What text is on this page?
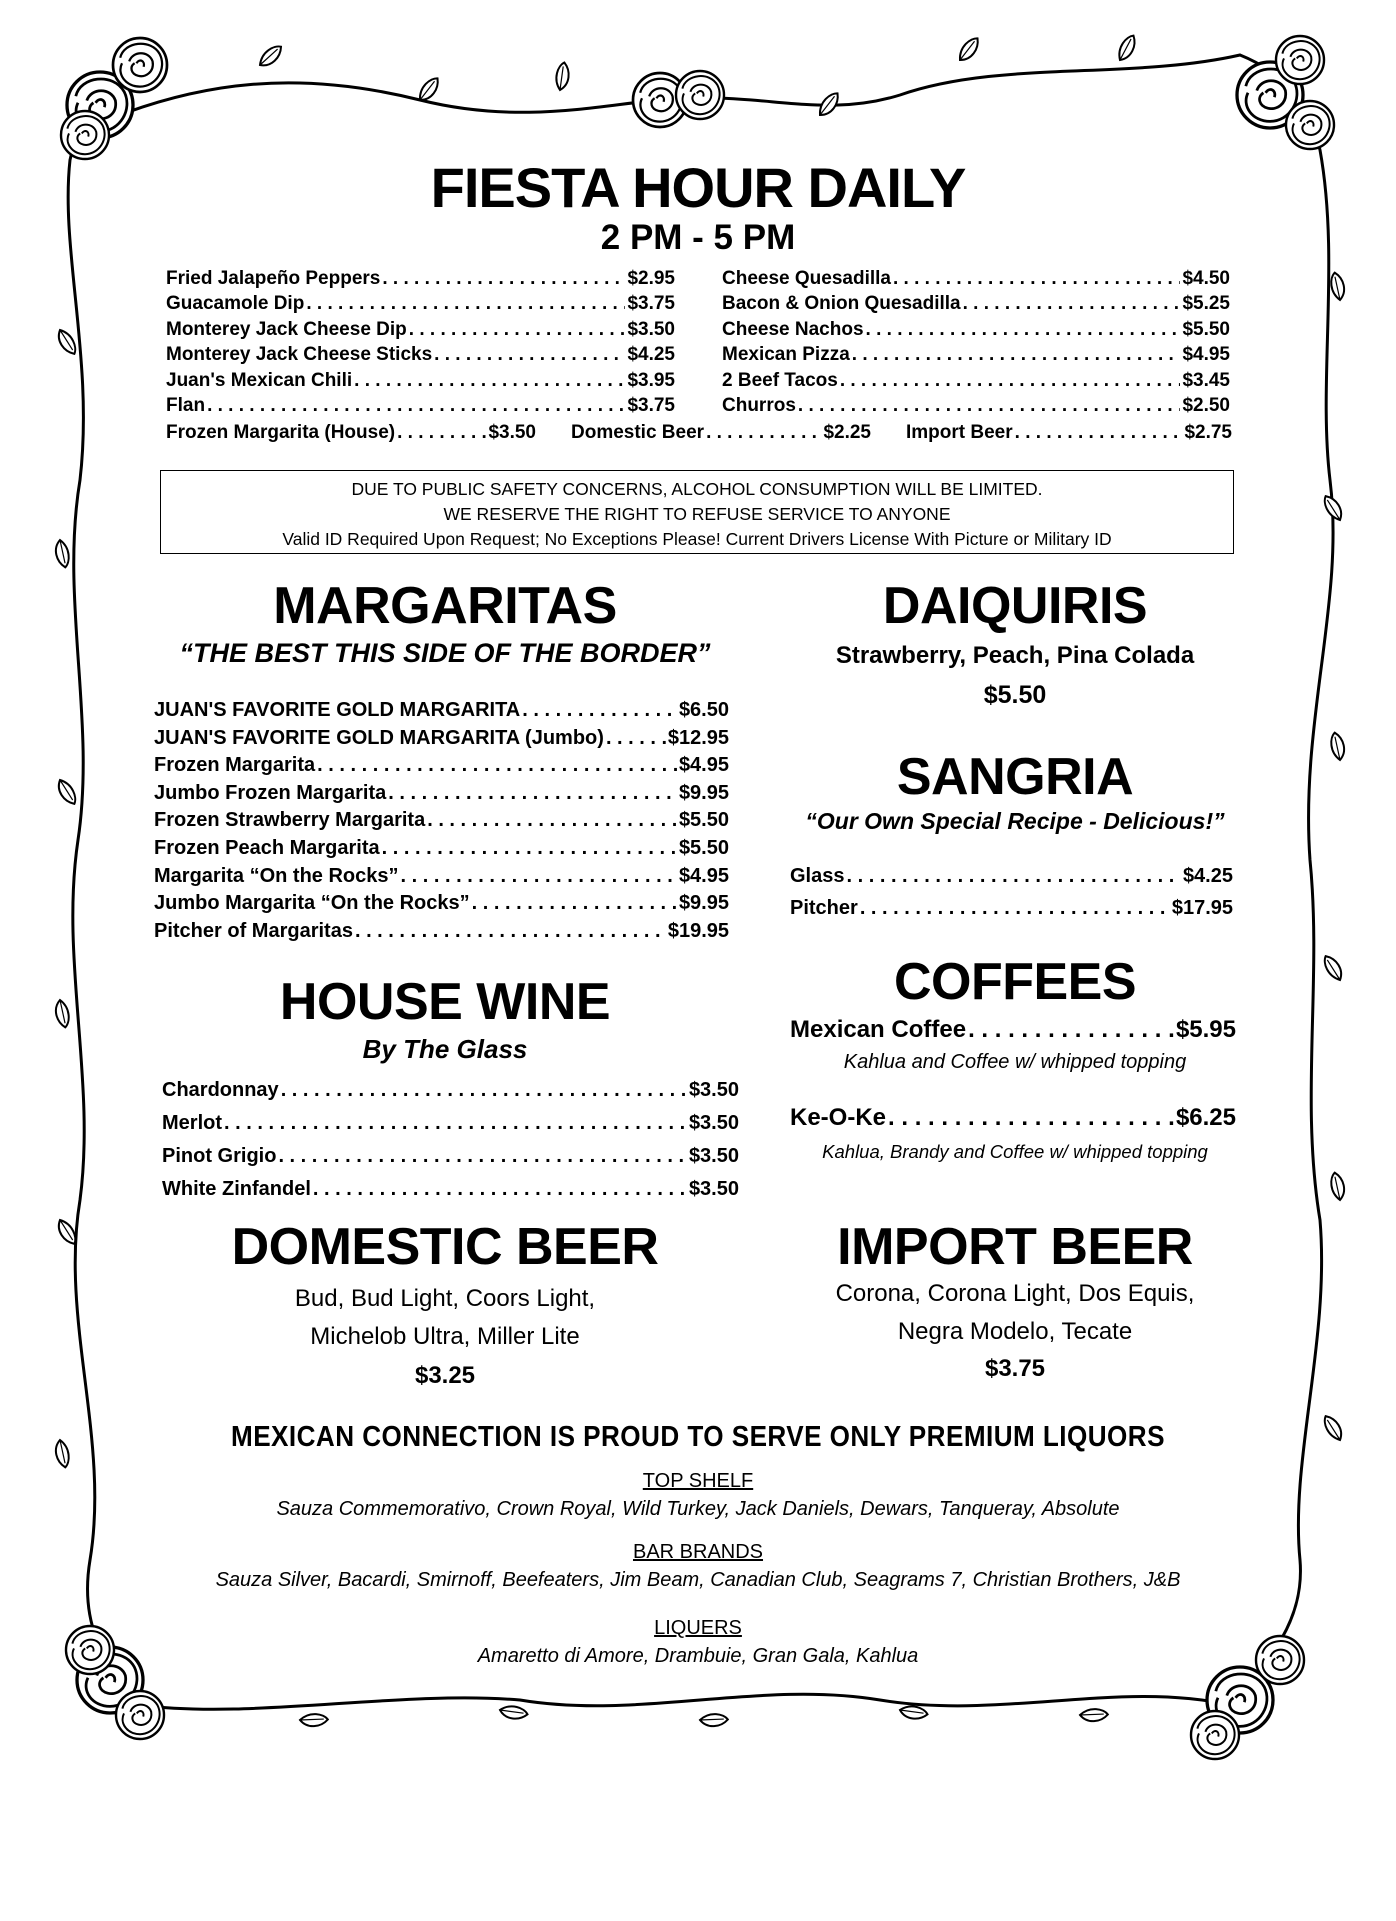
FIESTA HOUR DAILY
2 PM - 5 PM
Fried Jalapeño Peppers . . .	$2.95
Guacamole Dip . . .	$3.75
Monterey Jack Cheese Dip . . .	$3.50
Monterey Jack Cheese Sticks . . .	$4.25
Juan's Mexican Chili . . .	$3.95
Flan . . .	$3.75
Cheese Quesadilla . . .	$4.50
Bacon & Onion Quesadilla . . .	$5.25
Cheese Nachos . . .	$5.50
Mexican Pizza . . .	$4.95
2 Beef Tacos . . .	$3.45
Churros . . .	$2.50
Frozen Margarita (House) . . .	$3.50 Domestic Beer . . .	$2.25 Import Beer . . .	$2.75
DUE TO PUBLIC SAFETY CONCERNS, ALCOHOL CONSUMPTION WILL BE LIMITED.
WE RESERVE THE RIGHT TO REFUSE SERVICE TO ANYONE
Valid ID Required Upon Request; No Exceptions Please! Current Drivers License With Picture or Military ID
MARGARITAS
“THE BEST THIS SIDE OF THE BORDER”
JUAN'S FAVORITE GOLD MARGARITA . . .	$6.50
JUAN'S FAVORITE GOLD MARGARITA (Jumbo) . . .	$12.95
Frozen Margarita . . .	$4.95
Jumbo Frozen Margarita . . .	$9.95
Frozen Strawberry Margarita . . .	$5.50
Frozen Peach Margarita . . .	$5.50
Margarita “On the Rocks” . . .	$4.95
Jumbo Margarita “On the Rocks” . . .	$9.95
Pitcher of Margaritas . . .	$19.95
DAIQUIRIS
Strawberry, Peach, Pina Colada
$5.50
SANGRIA
“Our Own Special Recipe - Delicious!”
Glass . . .	$4.25
Pitcher . . .	$17.95
HOUSE WINE
By The Glass
Chardonnay . . .	$3.50
Merlot . . .	$3.50
Pinot Grigio . . .	$3.50
White Zinfandel . . .	$3.50
COFFEES
Mexican Coffee . . .	$5.95
Kahlua and Coffee w/ whipped topping
Ke-O-Ke . . .	$6.25
Kahlua, Brandy and Coffee w/ whipped topping
DOMESTIC BEER
Bud, Bud Light, Coors Light,
Michelob Ultra, Miller Lite
$3.25
IMPORT BEER
Corona, Corona Light, Dos Equis,
Negra Modelo, Tecate
$3.75
MEXICAN CONNECTION IS PROUD TO SERVE ONLY PREMIUM LIQUORS
TOP SHELF
Sauza Commemorativo, Crown Royal, Wild Turkey, Jack Daniels, Dewars, Tanqueray, Absolute
BAR BRANDS
Sauza Silver, Bacardi, Smirnoff, Beefeaters, Jim Beam, Canadian Club, Seagrams 7, Christian Brothers, J&B
LIQUERS
Amaretto di Amore, Drambuie, Gran Gala, Kahlua
